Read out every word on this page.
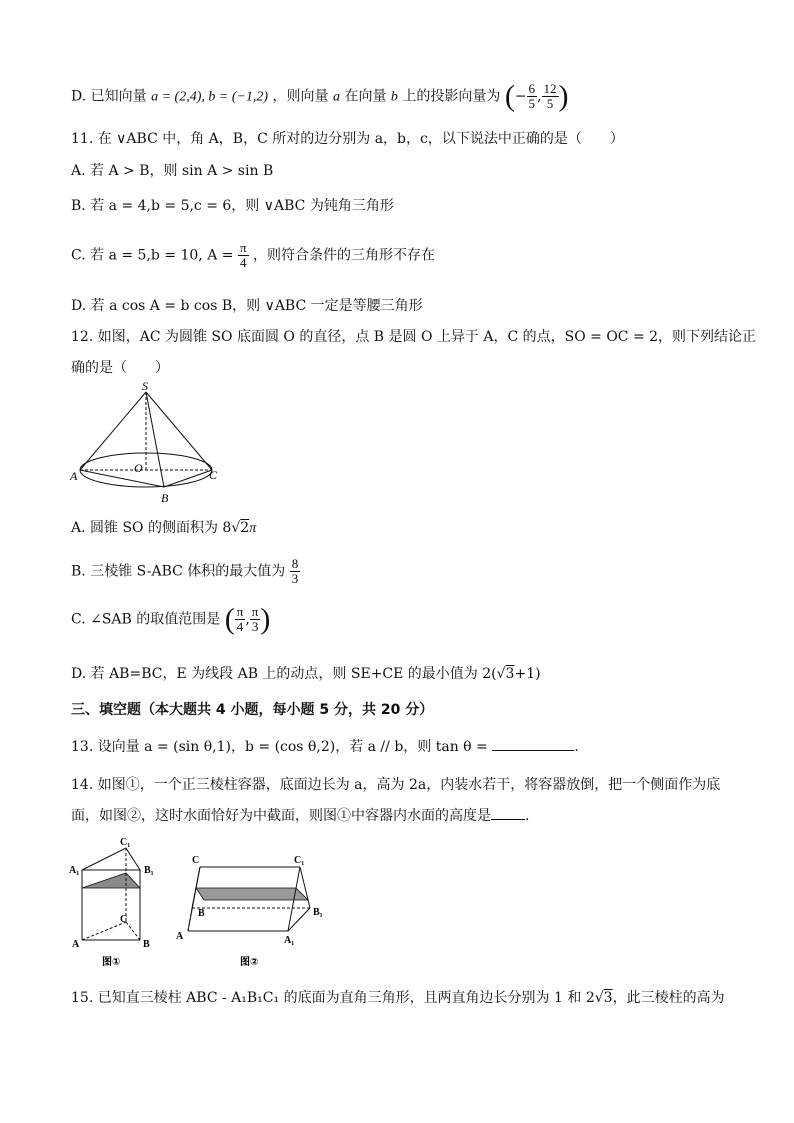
D. 已知向量 a = (2,4), b = (−1,2) ，则向量 a 在向量 b 上的投影向量为 (− $\frac{6}{5}$ , $\frac{12}{5}$ )
11. 在 ∨ABC 中，角 A，B，C 所对的边分别为 a，b，c，以下说法中正确的是（　　）
A. 若 A > B，则 sin A > sin B
B. 若 a = 4,b = 5,c = 6，则 ∨ABC 为钝角三角形
C. 若 a = 5,b = 10, $A = \frac{\pi}{4}$ ，则符合条件的三角形不存在
D. 若 a cos A = b cos B，则 ∨ABC 一定是等腰三角形
12. 如图，AC 为圆锥 SO 底面圆 O 的直径，点 B 是圆 O 上异于 A，C 的点，SO = OC = 2，则下列结论正
确的是（　　）
S
A
O	C
B
A. 圆锥 SO 的侧面积为 8√2π
B. 三棱锥 S-ABC 体积的最大值为 $\frac{8}{3}$
C. ∠SAB 的取值范围是 ( $\frac{\pi}{4}$ , $\frac{\pi}{3}$ )
D. 若 AB=BC，E 为线段 AB 上的动点，则 SE+CE 的最小值为 2(√3+1)
三、填空题（本大题共 4 小题，每小题 5 分，共 20 分）
13. 设向量 a = (sin θ,1)，b = (cos θ,2)，若 a // b，则 tan θ =	.
14. 如图①，一个正三棱柱容器，底面边长为 a，高为 2a，内装水若干，将容器放倒，把一个侧面作为底
面，如图②，这时水面恰好为中截面，则图①中容器内水面的高度是 .
C₁
A₁	B₁
C
A	B
图①
C	C₁
B	B₁
A	A₁
图②
15. 已知直三棱柱 ABC - A₁B₁C₁ 的底面为直角三角形，且两直角边长分别为 1 和 2√3，此三棱柱的高为
